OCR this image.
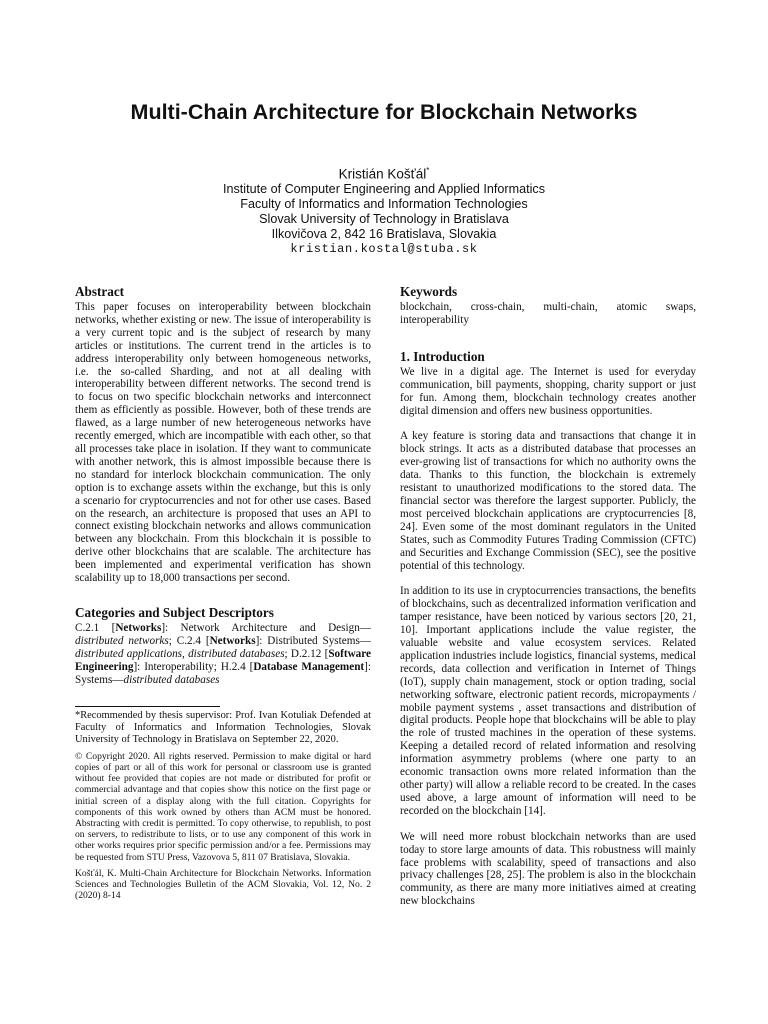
Multi-Chain Architecture for Blockchain Networks
Kristián Košťál*
Institute of Computer Engineering and Applied Informatics
Faculty of Informatics and Information Technologies
Slovak University of Technology in Bratislava
Ilkovičova 2, 842 16 Bratislava, Slovakia
kristian.kostal@stuba.sk
Abstract

This paper focuses on interoperability between blockchain networks, whether existing or new. The issue of interoperability is a very current topic and is the subject of research by many articles or institutions. The current trend in the articles is to address interoperability only between homogeneous networks, i.e. the so-called Sharding, and not at all dealing with interoperability between different networks. The second trend is to focus on two specific blockchain networks and interconnect them as efficiently as possible. However, both of these trends are flawed, as a large number of new heterogeneous networks have recently emerged, which are incompatible with each other, so that all processes take place in isolation. If they want to communicate with another network, this is almost impossible because there is no standard for interlock blockchain communication. The only option is to exchange assets within the exchange, but this is only a scenario for cryptocurrencies and not for other use cases. Based on the research, an architecture is proposed that uses an API to connect existing blockchain networks and allows communication between any blockchain. From this blockchain it is possible to derive other blockchains that are scalable. The architecture has been implemented and experimental verification has shown scalability up to 18,000 transactions per second.

Categories and Subject Descriptors

C.2.1 [Networks]: Network Architecture and Design—distributed networks; C.2.4 [Networks]: Distributed Systems—distributed applications, distributed databases; D.2.12 [Software Engineering]: Interoperability; H.2.4 [Database Management]: Systems—distributed databases

*Recommended by thesis supervisor: Prof. Ivan Kotuliak Defended at Faculty of Informatics and Information Technologies, Slovak University of Technology in Bratislava on September 22, 2020.

© Copyright 2020. All rights reserved. Permission to make digital or hard copies of part or all of this work for personal or classroom use is granted without fee provided that copies are not made or distributed for profit or commercial advantage and that copies show this notice on the first page or initial screen of a display along with the full citation. Copyrights for components of this work owned by others than ACM must be honored. Abstracting with credit is permitted. To copy otherwise, to republish, to post on servers, to redistribute to lists, or to use any component of this work in other works requires prior specific permission and/or a fee. Permissions may be requested from STU Press, Vazovova 5, 811 07 Bratislava, Slovakia.

Košťál, K. Multi-Chain Architecture for Blockchain Networks. Information Sciences and Technologies Bulletin of the ACM Slovakia, Vol. 12, No. 2 (2020) 8-14

Keywords

blockchain, cross-chain, multi-chain, atomic swaps, interoperability

1. Introduction

We live in a digital age. The Internet is used for everyday communication, bill payments, shopping, charity support or just for fun. Among them, blockchain technology creates another digital dimension and offers new business opportunities.

A key feature is storing data and transactions that change it in block strings. It acts as a distributed database that processes an ever-growing list of transactions for which no authority owns the data. Thanks to this function, the blockchain is extremely resistant to unauthorized modifications to the stored data. The financial sector was therefore the largest supporter. Publicly, the most perceived blockchain applications are cryptocurrencies [8, 24]. Even some of the most dominant regulators in the United States, such as Commodity Futures Trading Commission (CFTC) and Securities and Exchange Commission (SEC), see the positive potential of this technology.

In addition to its use in cryptocurrencies transactions, the benefits of blockchains, such as decentralized information verification and tamper resistance, have been noticed by various sectors [20, 21, 10]. Important applications include the value register, the valuable website and value ecosystem services. Related application industries include logistics, financial systems, medical records, data collection and verification in Internet of Things (IoT), supply chain management, stock or option trading, social networking software, electronic patient records, micropayments / mobile payment systems , asset transactions and distribution of digital products. People hope that blockchains will be able to play the role of trusted machines in the operation of these systems. Keeping a detailed record of related information and resolving information asymmetry problems (where one party to an economic transaction owns more related information than the other party) will allow a reliable record to be created. In the cases used above, a large amount of information will need to be recorded on the blockchain [14].

We will need more robust blockchain networks than are used today to store large amounts of data. This robustness will mainly face problems with scalability, speed of transactions and also privacy challenges [28, 25]. The problem is also in the blockchain community, as there are many more initiatives aimed at creating new blockchains
